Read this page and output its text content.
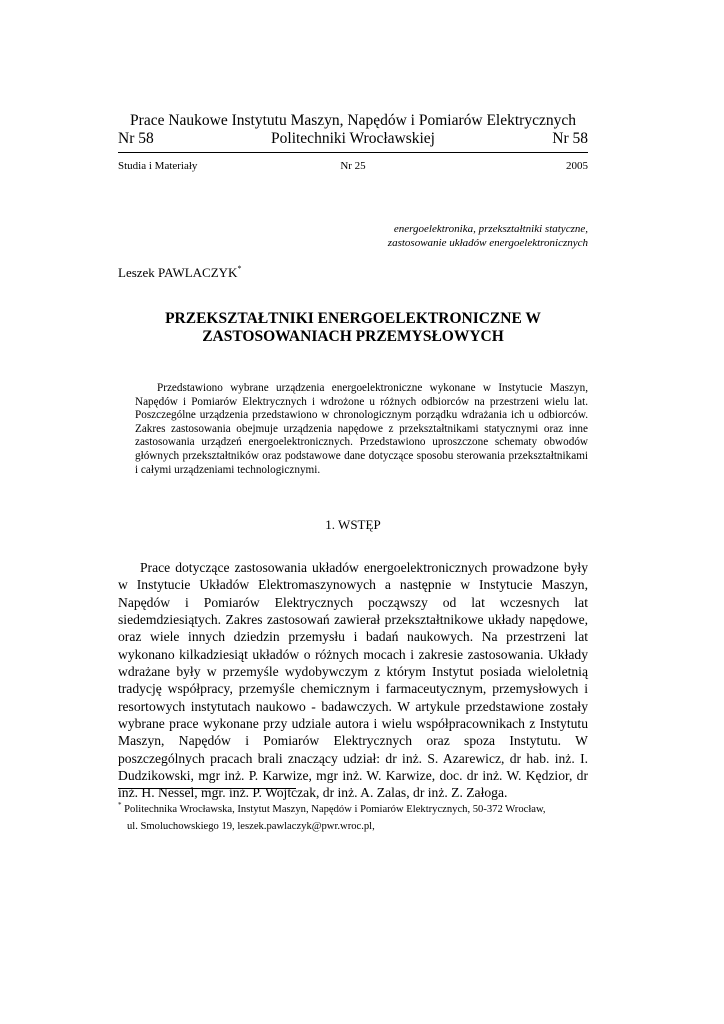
Prace Naukowe Instytutu Maszyn, Napędów i Pomiarów Elektrycznych
Politechniki Wrocławskiej
Nr 58	Nr 58
Nr 25
Studia i Materiały	2005
energoelektronika, przekształtniki statyczne,
zastosowanie układów energoelektronicznych
Leszek PAWLACZYK*
PRZEKSZTAŁTNIKI ENERGOELEKTRONICZNE W
ZASTOSOWANIACH PRZEMYSŁOWYCH
Przedstawiono wybrane urządzenia energoelektroniczne wykonane w Instytucie Maszyn, Napędów i Pomiarów Elektrycznych i wdrożone u różnych odbiorców na przestrzeni wielu lat. Poszczególne urządzenia przedstawiono w chronologicznym porządku wdrażania ich u odbiorców. Zakres zastosowania obejmuje urządzenia napędowe z przekształtnikami statycznymi oraz inne zastosowania urządzeń energoelektronicznych. Przedstawiono uproszczone schematy obwodów głównych przekształtników oraz podstawowe dane dotyczące sposobu sterowania przekształtnikami i całymi urządzeniami technologicznymi.
1. WSTĘP
Prace dotyczące zastosowania układów energoelektronicznych prowadzone były w Instytucie Układów Elektromaszynowych a następnie w Instytucie Maszyn, Napędów i Pomiarów Elektrycznych począwszy od lat wczesnych lat siedemdziesiątych. Zakres zastosowań zawierał przekształtnikowe układy napędowe, oraz wiele innych dziedzin przemysłu i badań naukowych. Na przestrzeni lat wykonano kilkadziesiąt układów o różnych mocach i zakresie zastosowania. Układy wdrażane były w przemyśle wydobywczym z którym Instytut posiada wieloletnią tradycję współpracy, przemyśle chemicznym i farmaceutycznym, przemysłowych i resortowych instytutach naukowo - badawczych. W artykule przedstawione zostały wybrane prace wykonane przy udziale autora i wielu współpracownikach z Instytutu Maszyn, Napędów i Pomiarów Elektrycznych oraz spoza Instytutu. W poszczególnych pracach brali znaczący udział: dr inż. S. Azarewicz, dr hab. inż. I. Dudzikowski, mgr inż. P. Karwize, mgr inż. W. Karwize, doc. dr inż. W. Kędzior, dr inż. H. Nessel, mgr. inż. P. Wojtczak, dr inż. A. Zalas, dr inż. Z. Załoga.
* Politechnika Wrocławska, Instytut Maszyn, Napędów i Pomiarów Elektrycznych, 50-372 Wrocław,
ul. Smoluchowskiego 19, leszek.pawlaczyk@pwr.wroc.pl,
